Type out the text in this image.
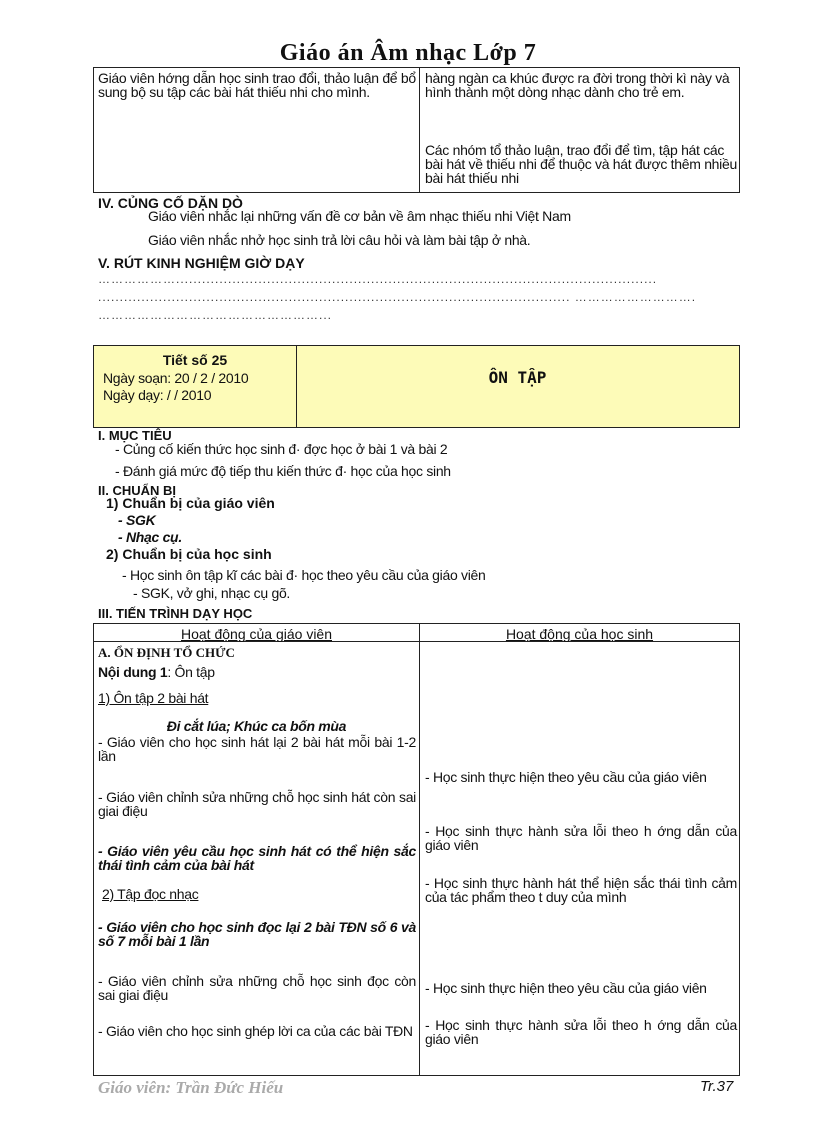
Giáo án Âm nhạc Lớp 7
Giáo viên hớng dẫn học sinh trao đổi, thảo luận để bổ sung bộ su tập các bài hát thiếu nhi cho mình.
hàng ngàn ca khúc được ra đời trong thời kì này và hình thành một dòng nhạc dành cho trẻ em.
Các nhóm tổ thảo luận, trao đổi để tìm, tập hát các bài hát về thiếu nhi để thuộc và hát được thêm nhiều bài hát thiếu nhi
IV. CỦNG CỐ DẶN DÒ
Giáo viên nhắc lại những vấn đề cơ bản về âm nhạc thiếu nhi Việt Nam
Giáo viên nhắc nhở học sinh trả lời câu hỏi và làm bài tập ở nhà.
V. RÚT KINH NGHIỆM GIỜ DẠY
………………...............................................................................................................
............................................................................................................. ……………………….
……………………………………………...
Tiết số 25
Ngày soạn: 20 / 2 / 2010
Ngày dạy: / / 2010
ÔN TẬP
I. MỤC TIÊU
- Củng cố kiến thức học sinh đ· đợc học ở bài 1 và bài 2
- Đánh giá mức độ tiếp thu kiến thức đ· học của học sinh
II. CHUẨN BỊ
1) Chuẩn bị của giáo viên
- SGK
- Nhạc cụ.
2) Chuẩn bị của học sinh
- Học sinh ôn tập kĩ các bài đ· học theo yêu cầu của giáo viên
- SGK, vở ghi, nhạc cụ gõ.
III. TIẾN TRÌNH DẠY HỌC
Hoạt động của giáo viên	Hoạt động của học sinh
A. ỔN ĐỊNH TỔ CHỨC
Nội dung 1: Ôn tập
1) Ôn tập 2 bài hát
Đi cắt lúa; Khúc ca bốn mùa
- Giáo viên cho học sinh hát lại 2 bài hát mỗi bài 1-2 lần
- Giáo viên chỉnh sửa những chỗ học sinh hát còn sai giai điệu
- Giáo viên yêu cầu học sinh hát có thể hiện sắc thái tình cảm của bài hát
2) Tập đọc nhạc
- Giáo viên cho học sinh đọc lại 2 bài TĐN số 6 và số 7 mỗi bài 1 lần
- Giáo viên chỉnh sửa những chỗ học sinh đọc còn sai giai điệu
- Giáo viên cho học sinh ghép lời ca của các bài TĐN
- Học sinh thực hiện theo yêu cầu của giáo viên
- Học sinh thực hành sửa lỗi theo h ớng dẫn của giáo viên
- Học sinh thực hành hát thể hiện sắc thái tình cảm của tác phẩm theo t duy của mình
- Học sinh thực hiện theo yêu cầu của giáo viên
- Học sinh thực hành sửa lỗi theo h ớng dẫn của giáo viên
Giáo viên: Trần Đức Hiếu	Tr.37
